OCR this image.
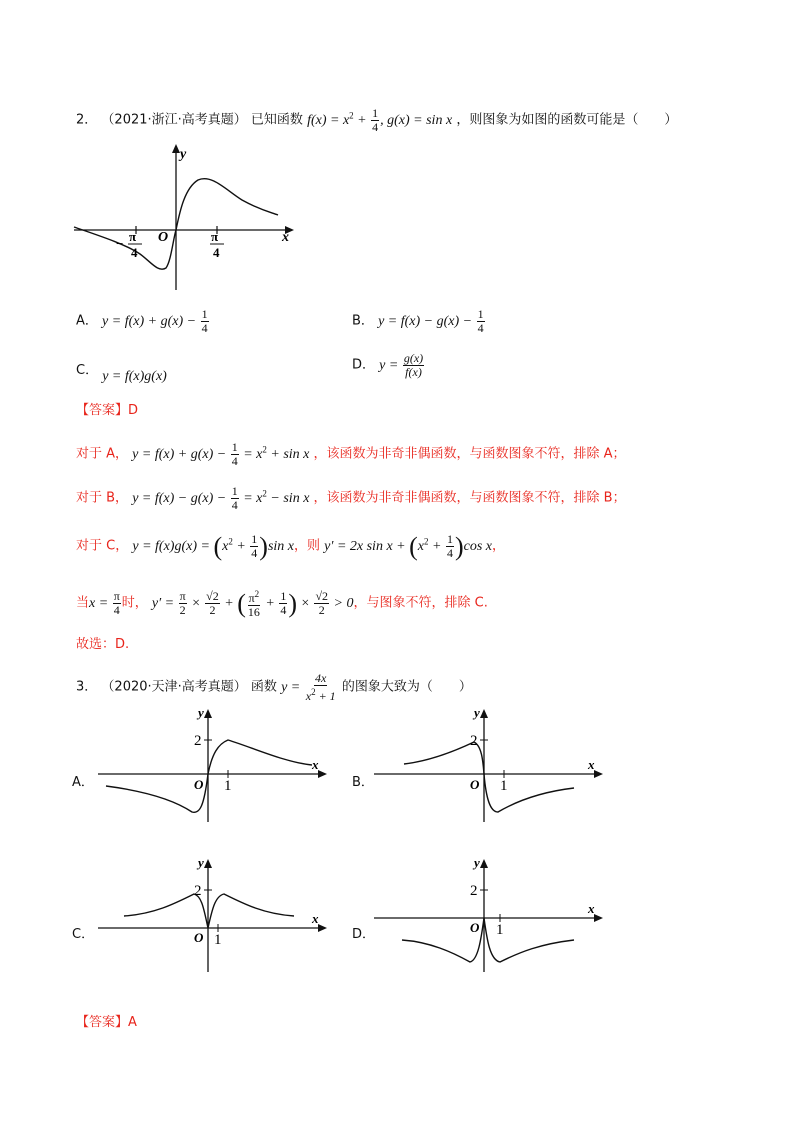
2． （2021·浙江·高考真题） 已知函数 $f(x) = x^2 + \frac{1}{4}$ , g(x) = sin x ，则图象为如图的函数可能是（　　）
y
x
O
− π
4
π
4
A． $y = f(x) + g(x) - \frac{1}{4}$	B． $y = f(x) - g(x) - \frac{1}{4}$
C． y = f(x)g(x)
D． $y = \frac{g(x)}{f(x)}$
【答案】D
对于 A， $y = f(x) + g(x) - \frac{1}{4} = x^2 + \sin x$ ，该函数为非奇非偶函数，与函数图象不符，排除 A；
对于 B， $y = f(x) - g(x) - \frac{1}{4} = x^2 - \sin x$ ，该函数为非奇非偶函数，与函数图象不符，排除 B；
对于 C， $y = f(x)g(x) = (x^2 + \frac{1}{4} )\sin$ x，则 y′ = 2x $\sin x + (x^2 + \frac{1}{4} )\cos$ x，
当$x = \frac{\pi}{4}$ 时， $y' = \frac{\pi}{2} \times \frac{√2}{2}$ + ( $\frac{\pi^2}{16} + \frac{1}{4}$ ) × $\frac{√2}{2} > 0$，与图象不符，排除 C.
故选：D.
3． （2020·天津·高考真题） 函数 $y = \frac{4x}{x^2 + 1}$ 的图象大致为（　　）
A．
y
x
O
2
1	B．
y
x
O
2
1
C．
y
x
O
2
1	D．
y
x
O
2
1
【答案】A
